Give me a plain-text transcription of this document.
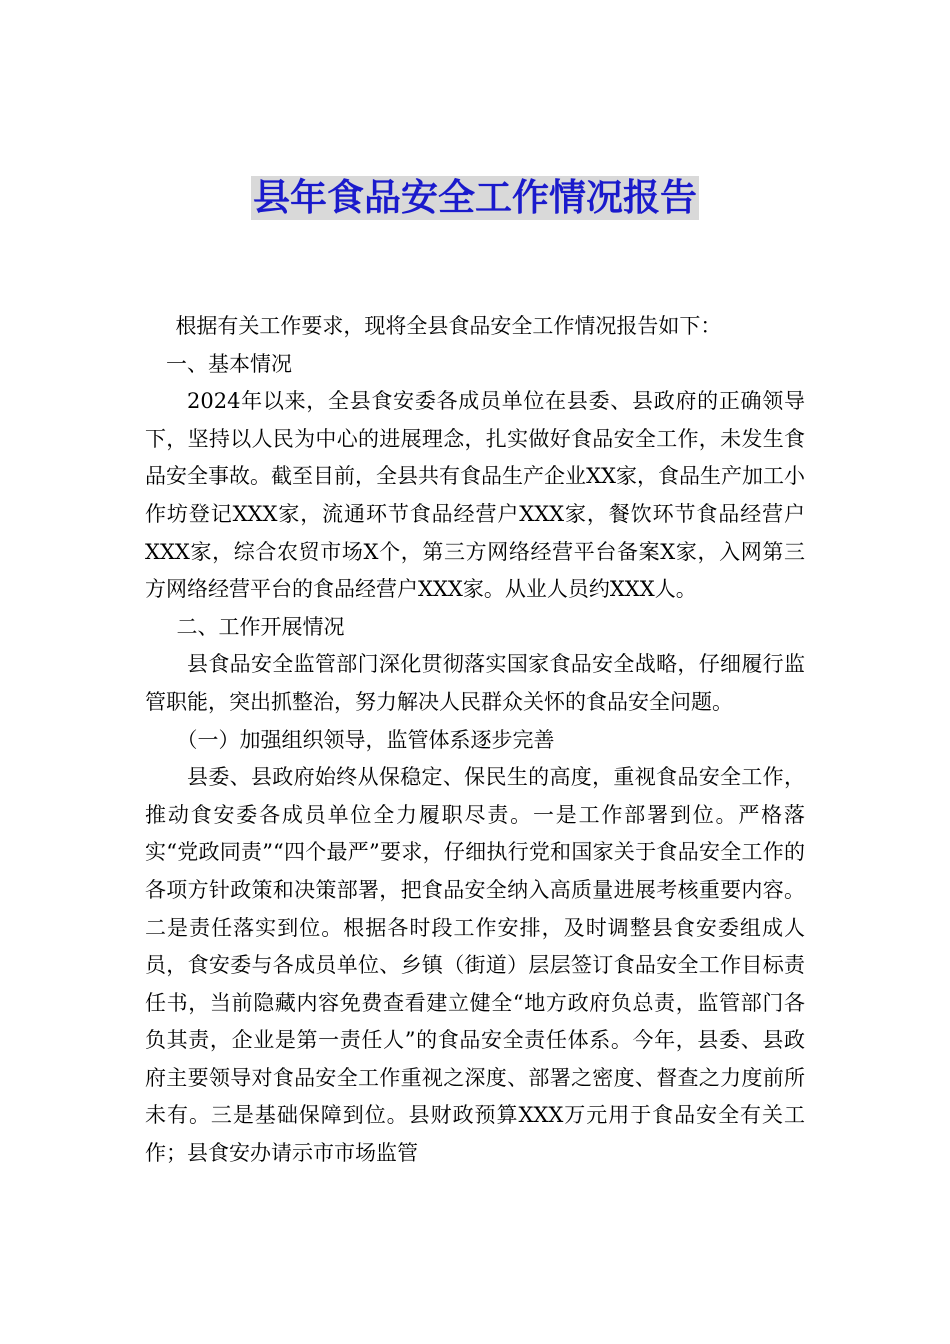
县年食品安全工作情况报告

根据有关工作要求，现将全县食品安全工作情况报告如下：

一、基本情况

2024年以来，全县食安委各成员单位在县委、县政府的正确领导下，坚持以人民为中心的进展理念，扎实做好食品安全工作，未发生食品安全事故。截至目前，全县共有食品生产企业XX家，食品生产加工小作坊登记XXX家，流通环节食品经营户XXX家，餐饮环节食品经营户XXX家，综合农贸市场X个，第三方网络经营平台备案X家，入网第三方网络经营平台的食品经营户XXX家。从业人员约XXX人。

二、工作开展情况

县食品安全监管部门深化贯彻落实国家食品安全战略，仔细履行监管职能，突出抓整治，努力解决人民群众关怀的食品安全问题。

（一）加强组织领导，监管体系逐步完善

县委、县政府始终从保稳定、保民生的高度，重视食品安全工作，推动食安委各成员单位全力履职尽责。一是工作部署到位。严格落实“党政同责”“四个最严”要求，仔细执行党和国家关于食品安全工作的各项方针政策和决策部署，把食品安全纳入高质量进展考核重要内容。二是责任落实到位。根据各时段工作安排，及时调整县食安委组成人员，食安委与各成员单位、乡镇（街道）层层签订食品安全工作目标责任书，当前隐藏内容免费查看建立健全“地方政府负总责，监管部门各负其责，企业是第一责任人”的食品安全责任体系。今年，县委、县政府主要领导对食品安全工作重视之深度、部署之密度、督查之力度前所未有。三是基础保障到位。县财政预算XXX万元用于食品安全有关工作；县食安办请示市市场监管
